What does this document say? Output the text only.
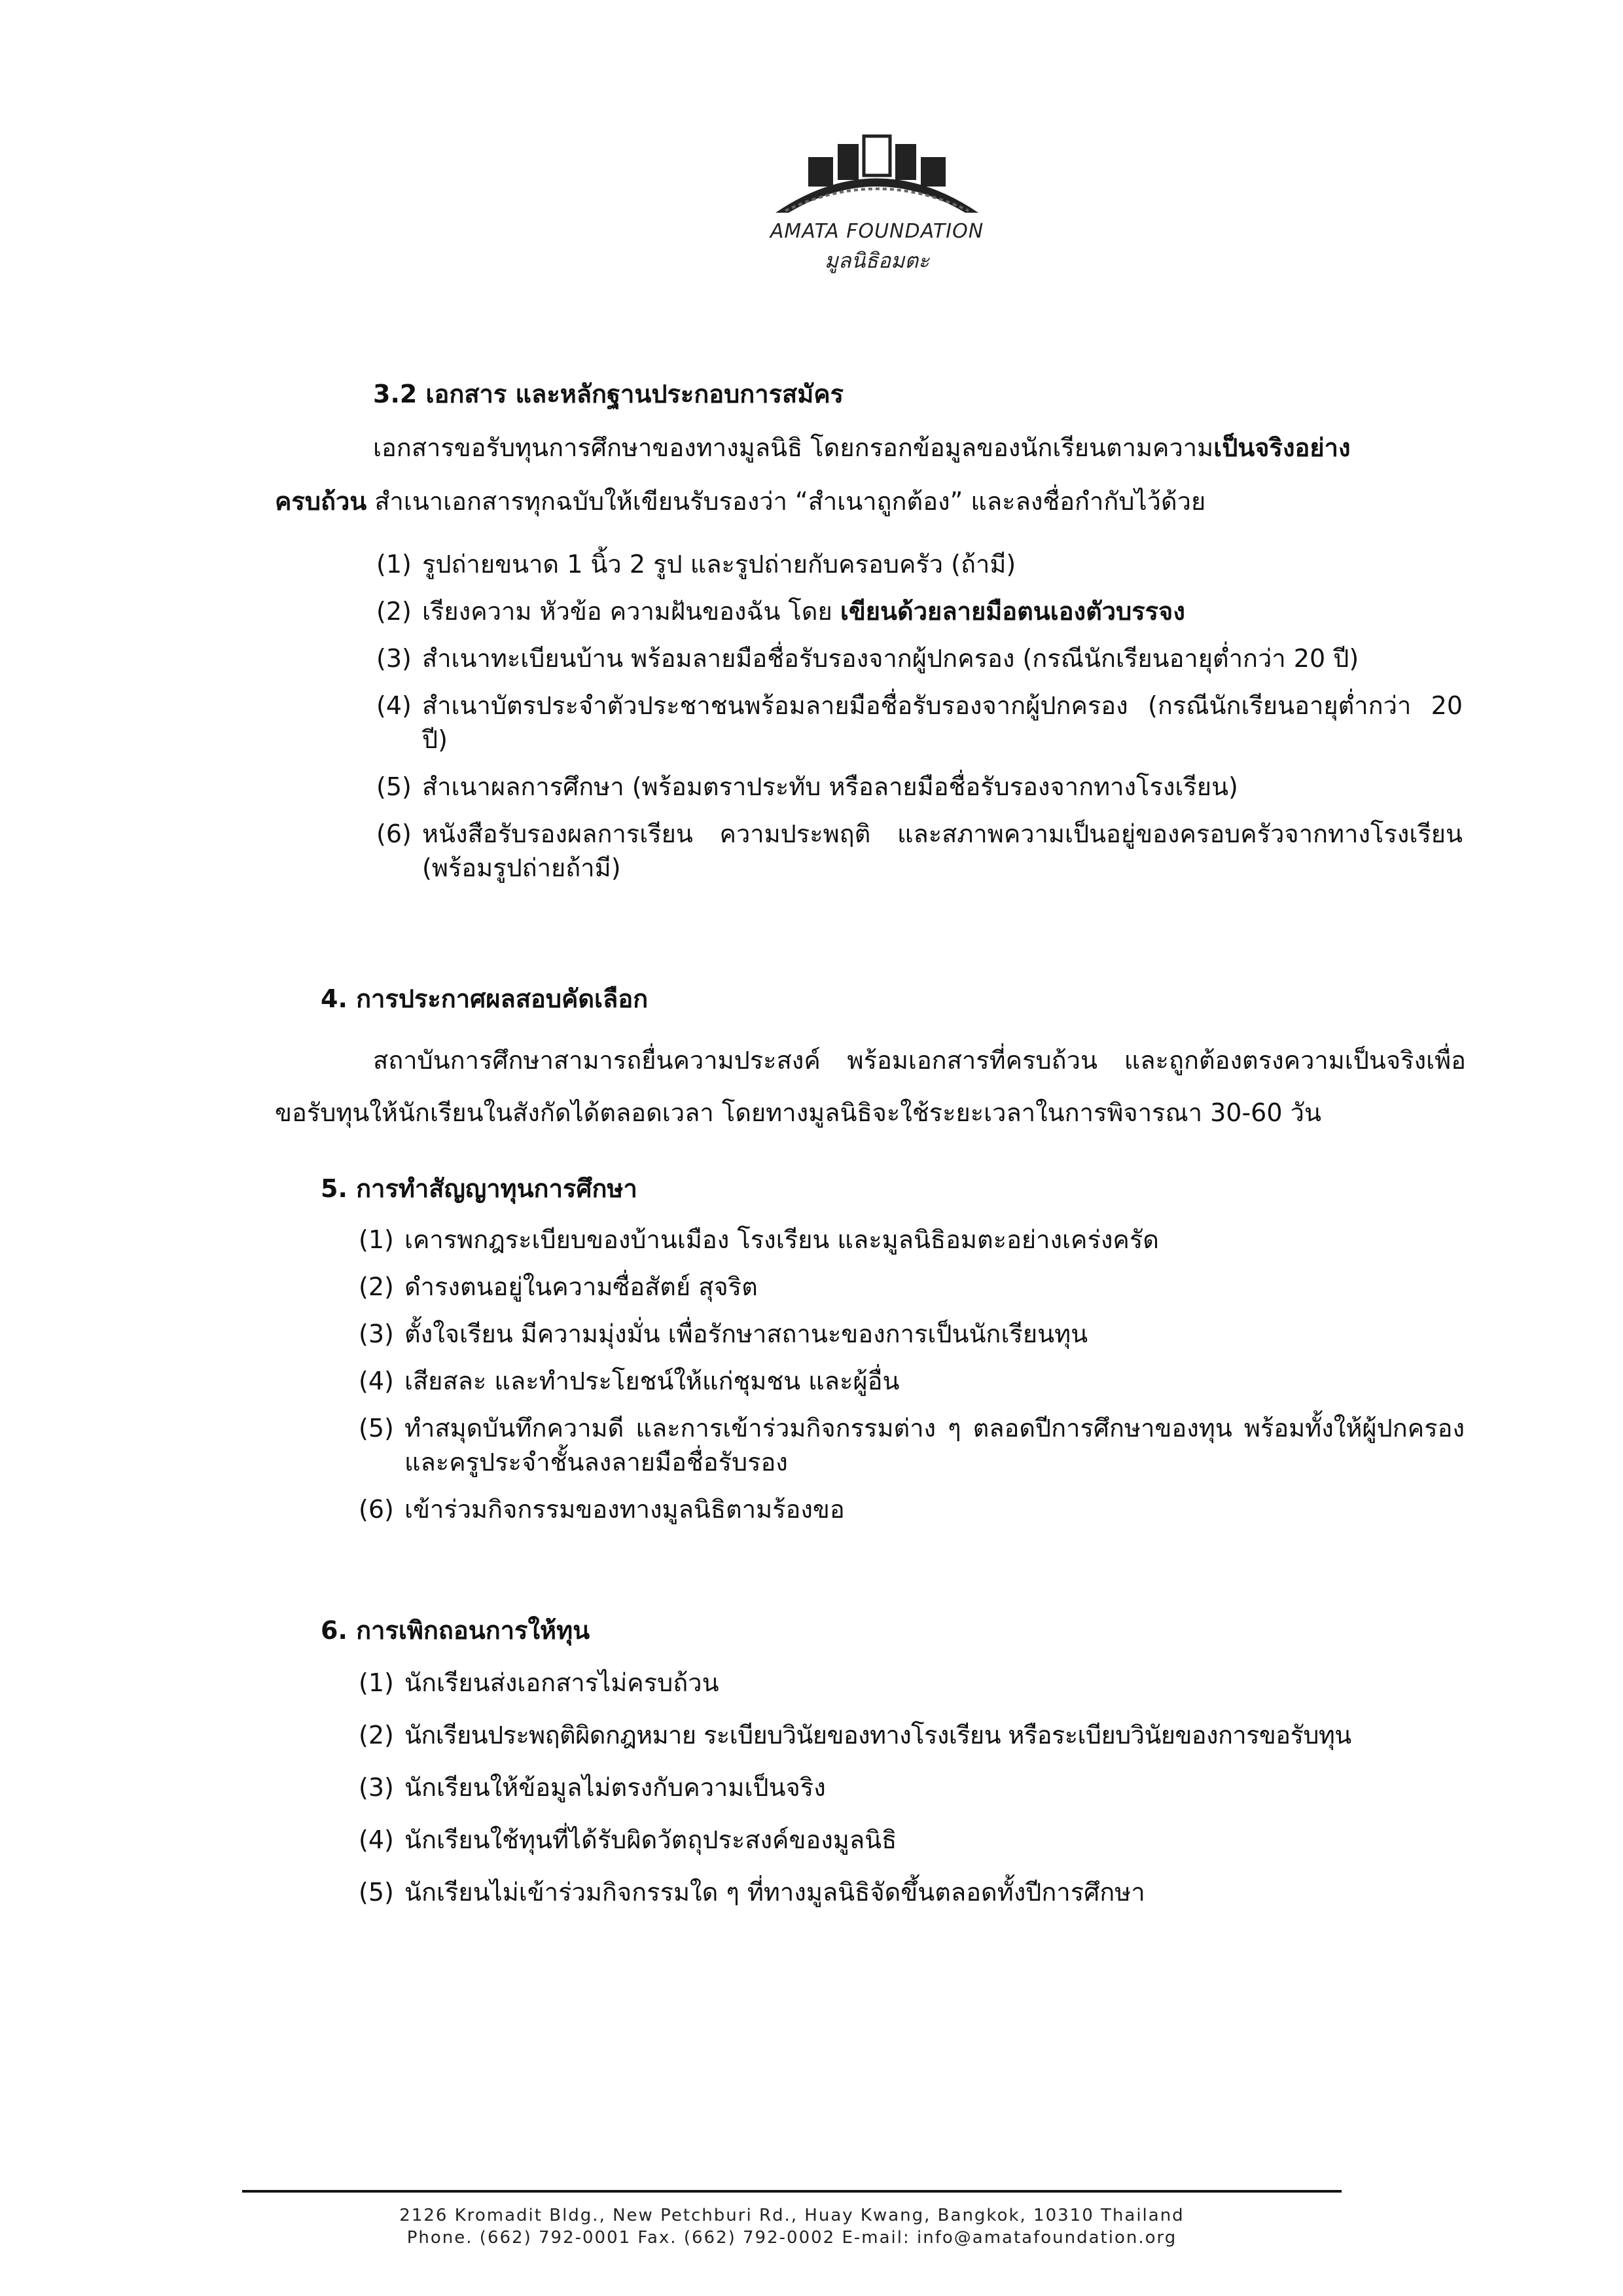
AMATA FOUNDATION
มูลนิธิอมตะ
3.2 เอกสาร และหลักฐานประกอบการสมัคร
เอกสารขอรับทุนการศึกษาของทางมูลนิธิ โดยกรอกข้อมูลของนักเรียนตามความเป็นจริงอย่าง
ครบถ้วน สำเนาเอกสารทุกฉบับให้เขียนรับรองว่า “สำเนาถูกต้อง” และลงชื่อกำกับไว้ด้วย
(1) รูปถ่ายขนาด 1 นิ้ว 2 รูป และรูปถ่ายกับครอบครัว (ถ้ามี)
(2) เรียงความ หัวข้อ ความฝันของฉัน โดย เขียนด้วยลายมือตนเองตัวบรรจง
(3) สำเนาทะเบียนบ้าน พร้อมลายมือชื่อรับรองจากผู้ปกครอง (กรณีนักเรียนอายุต่ำกว่า 20 ปี)
(4) สำเนาบัตรประจำตัวประชาชนพร้อมลายมือชื่อรับรองจากผู้ปกครอง (กรณีนักเรียนอายุต่ำกว่า 20 ปี)
(5) สำเนาผลการศึกษา (พร้อมตราประทับ หรือลายมือชื่อรับรองจากทางโรงเรียน)
(6) หนังสือรับรองผลการเรียน ความประพฤติ และสภาพความเป็นอยู่ของครอบครัวจากทางโรงเรียน (พร้อมรูปถ่ายถ้ามี)
4. การประกาศผลสอบคัดเลือก
สถาบันการศึกษาสามารถยื่นความประสงค์ พร้อมเอกสารที่ครบถ้วน และถูกต้องตรงความเป็นจริงเพื่อขอรับทุนให้นักเรียนในสังกัดได้ตลอดเวลา โดยทางมูลนิธิจะใช้ระยะเวลาในการพิจารณา 30-60 วัน
5. การทำสัญญาทุนการศึกษา
(1) เคารพกฎระเบียบของบ้านเมือง โรงเรียน และมูลนิธิอมตะอย่างเคร่งครัด
(2) ดำรงตนอยู่ในความซื่อสัตย์ สุจริต
(3) ตั้งใจเรียน มีความมุ่งมั่น เพื่อรักษาสถานะของการเป็นนักเรียนทุน
(4) เสียสละ และทำประโยชน์ให้แก่ชุมชน และผู้อื่น
(5) ทำสมุดบันทึกความดี และการเข้าร่วมกิจกรรมต่าง ๆ ตลอดปีการศึกษาของทุน พร้อมทั้งให้ผู้ปกครอง และครูประจำชั้นลงลายมือชื่อรับรอง
(6) เข้าร่วมกิจกรรมของทางมูลนิธิตามร้องขอ
6. การเพิกถอนการให้ทุน
(1) นักเรียนส่งเอกสารไม่ครบถ้วน
(2) นักเรียนประพฤติผิดกฎหมาย ระเบียบวินัยของทางโรงเรียน หรือระเบียบวินัยของการขอรับทุน
(3) นักเรียนให้ข้อมูลไม่ตรงกับความเป็นจริง
(4) นักเรียนใช้ทุนที่ได้รับผิดวัตถุประสงค์ของมูลนิธิ
(5) นักเรียนไม่เข้าร่วมกิจกรรมใด ๆ ที่ทางมูลนิธิจัดขึ้นตลอดทั้งปีการศึกษา
2126 Kromadit Bldg., New Petchburi Rd., Huay Kwang, Bangkok, 10310 Thailand
Phone. (662) 792-0001 Fax. (662) 792-0002 E-mail: info@amatafoundation.org
